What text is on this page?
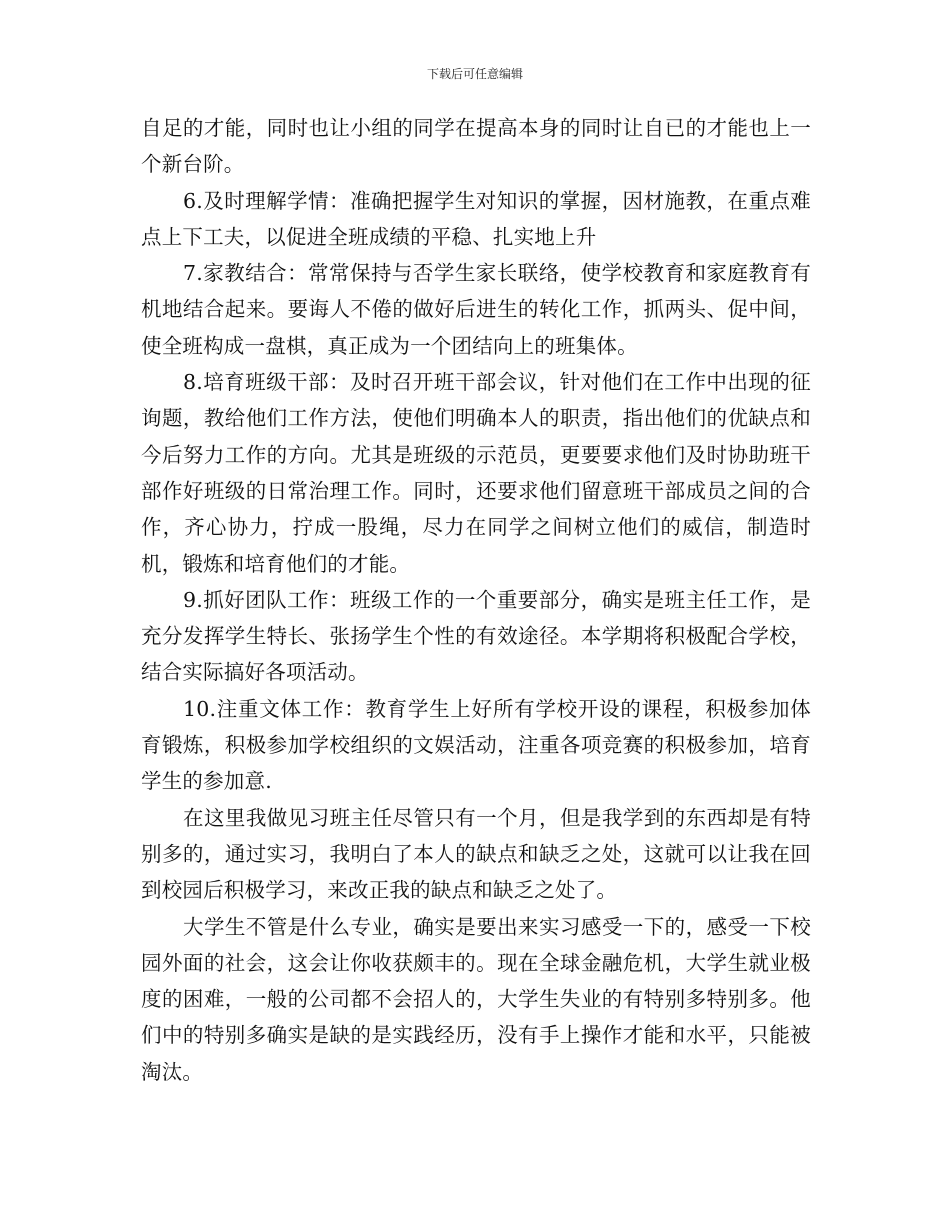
下载后可任意编辑

自足的才能，同时也让小组的同学在提高本身的同时让自已的才能也上一个新台阶。

6.及时理解学情：准确把握学生对知识的掌握，因材施教，在重点难点上下工夫，以促进全班成绩的平稳、扎实地上升

7.家教结合：常常保持与否学生家长联络，使学校教育和家庭教育有机地结合起来。要诲人不倦的做好后进生的转化工作，抓两头、促中间，使全班构成一盘棋，真正成为一个团结向上的班集体。

8.培育班级干部：及时召开班干部会议，针对他们在工作中出现的征询题，教给他们工作方法，使他们明确本人的职责，指出他们的优缺点和今后努力工作的方向。尤其是班级的示范员，更要要求他们及时协助班干部作好班级的日常治理工作。同时，还要求他们留意班干部成员之间的合作，齐心协力，拧成一股绳，尽力在同学之间树立他们的威信，制造时机，锻炼和培育他们的才能。

9.抓好团队工作：班级工作的一个重要部分，确实是班主任工作，是充分发挥学生特长、张扬学生个性的有效途径。本学期将积极配合学校，结合实际搞好各项活动。

10.注重文体工作：教育学生上好所有学校开设的课程，积极参加体育锻炼，积极参加学校组织的文娱活动，注重各项竞赛的积极参加，培育学生的参加意.

在这里我做见习班主任尽管只有一个月，但是我学到的东西却是有特别多的，通过实习，我明白了本人的缺点和缺乏之处，这就可以让我在回到校园后积极学习，来改正我的缺点和缺乏之处了。

大学生不管是什么专业，确实是要出来实习感受一下的，感受一下校园外面的社会，这会让你收获颇丰的。现在全球金融危机，大学生就业极度的困难，一般的公司都不会招人的，大学生失业的有特别多特别多。他们中的特别多确实是缺的是实践经历，没有手上操作才能和水平，只能被淘汰。
